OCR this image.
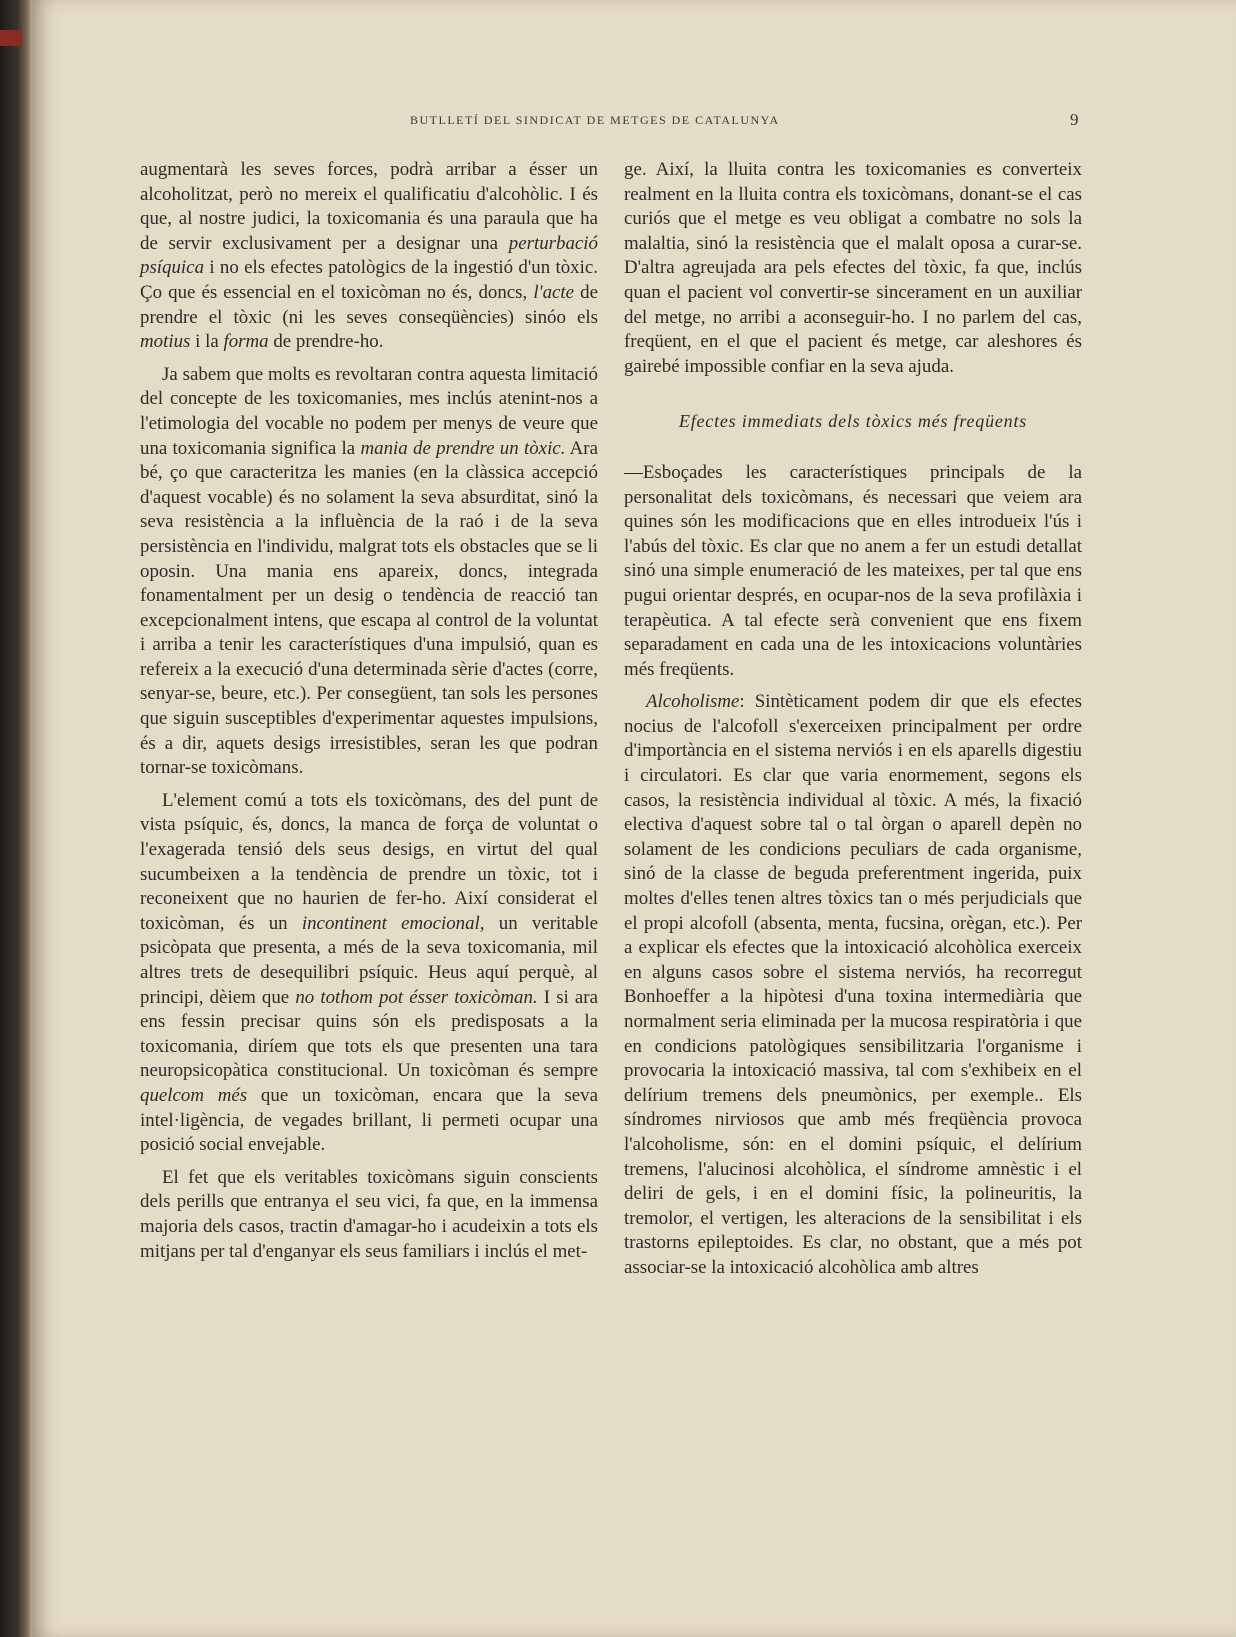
BUTLLETÍ DEL SINDICAT DE METGES DE CATALUNYA	9

augmentarà les seves forces, podrà arribar a ésser un alcoholitzat, però no mereix el qualificatiu d'alcohòlic. I és que, al nostre judici, la toxicomania és una paraula que ha de servir exclusivament per a designar una perturbació psíquica i no els efectes patològics de la ingestió d'un tòxic. Ço que és essencial en el toxicòman no és, doncs, l'acte de prendre el tòxic (ni les seves conseqüències) sinóo els motius i la forma de prendre-ho.

Ja sabem que molts es revoltaran contra aquesta limitació del concepte de les toxicomanies, mes inclús atenint-nos a l'etimologia del vocable no podem per menys de veure que una toxicomania significa la mania de prendre un tòxic. Ara bé, ço que caracteritza les manies (en la clàssica accepció d'aquest vocable) és no solament la seva absurditat, sinó la seva resistència a la influència de la raó i de la seva persistència en l'individu, malgrat tots els obstacles que se li oposin. Una mania ens apareix, doncs, integrada fonamentalment per un desig o tendència de reacció tan excepcionalment intens, que escapa al control de la voluntat i arriba a tenir les característiques d'una impulsió, quan es refereix a la execució d'una determinada sèrie d'actes (corre, senyar-se, beure, etc.). Per consegüent, tan sols les persones que siguin susceptibles d'experimentar aquestes impulsions, és a dir, aquets desigs irresistibles, seran les que podran tornar-se toxicòmans.

L'element comú a tots els toxicòmans, des del punt de vista psíquic, és, doncs, la manca de força de voluntat o l'exagerada tensió dels seus desigs, en virtut del qual sucumbeixen a la tendència de prendre un tòxic, tot i reconeixent que no haurien de fer-ho. Així considerat el toxicòman, és un incontinent emocional, un veritable psicòpata que presenta, a més de la seva toxicomania, mil altres trets de desequilibri psíquic. Heus aquí perquè, al principi, dèiem que no tothom pot ésser toxicòman. I si ara ens fessin precisar quins són els predisposats a la toxicomania, diríem que tots els que presenten una tara neuropsicopàtica constitucional. Un toxicòman és sempre quelcom més que un toxicòman, encara que la seva intel·ligència, de vegades brillant, li permeti ocupar una posició social envejable.

El fet que els veritables toxicòmans siguin conscients dels perills que entranya el seu vici, fa que, en la immensa majoria dels casos, tractin d'amagar-ho i acudeixin a tots els mitjans per tal d'enganyar els seus familiars i inclús el met-

ge. Així, la lluita contra les toxicomanies es converteix realment en la lluita contra els toxicòmans, donant-se el cas curiós que el metge es veu obligat a combatre no sols la malaltia, sinó la resistència que el malalt oposa a curar-se. D'altra agreujada ara pels efectes del tòxic, fa que, inclús quan el pacient vol convertir-se sincerament en un auxiliar del metge, no arribi a aconseguir-ho. I no parlem del cas, freqüent, en el que el pacient és metge, car aleshores és gairebé impossible confiar en la seva ajuda.

Efectes immediats dels tòxics més freqüents

—Esboçades les característiques principals de la personalitat dels toxicòmans, és necessari que veiem ara quines són les modificacions que en elles introdueix l'ús i l'abús del tòxic. Es clar que no anem a fer un estudi detallat sinó una simple enumeració de les mateixes, per tal que ens pugui orientar després, en ocupar-nos de la seva profilàxia i terapèutica. A tal efecte serà convenient que ens fixem separadament en cada una de les intoxicacions voluntàries més freqüents.

Alcoholisme: Sintèticament podem dir que els efectes nocius de l'alcofoll s'exerceixen principalment per ordre d'importància en el sistema nerviós i en els aparells digestiu i circulatori. Es clar que varia enormement, segons els casos, la resistència individual al tòxic. A més, la fixació electiva d'aquest sobre tal o tal òrgan o aparell depèn no solament de les condicions peculiars de cada organisme, sinó de la classe de beguda preferentment ingerida, puix moltes d'elles tenen altres tòxics tan o més perjudicials que el propi alcofoll (absenta, menta, fucsina, orègan, etc.). Per a explicar els efectes que la intoxicació alcohòlica exerceix en alguns casos sobre el sistema nerviós, ha recorregut Bonhoeffer a la hipòtesi d'una toxina intermediària que normalment seria eliminada per la mucosa respiratòria i que en condicions patològiques sensibilitzaria l'organisme i provocaria la intoxicació massiva, tal com s'exhibeix en el delírium tremens dels pneumònics, per exemple.. Els síndromes nirviosos que amb més freqüència provoca l'alcoholisme, són: en el domini psíquic, el delírium tremens, l'alucinosi alcohòlica, el síndrome amnèstic i el deliri de gels, i en el domini físic, la polineuritis, la tremolor, el vertigen, les alteracions de la sensibilitat i els trastorns epileptoides. Es clar, no obstant, que a més pot associar-se la intoxicació alcohòlica amb altres
